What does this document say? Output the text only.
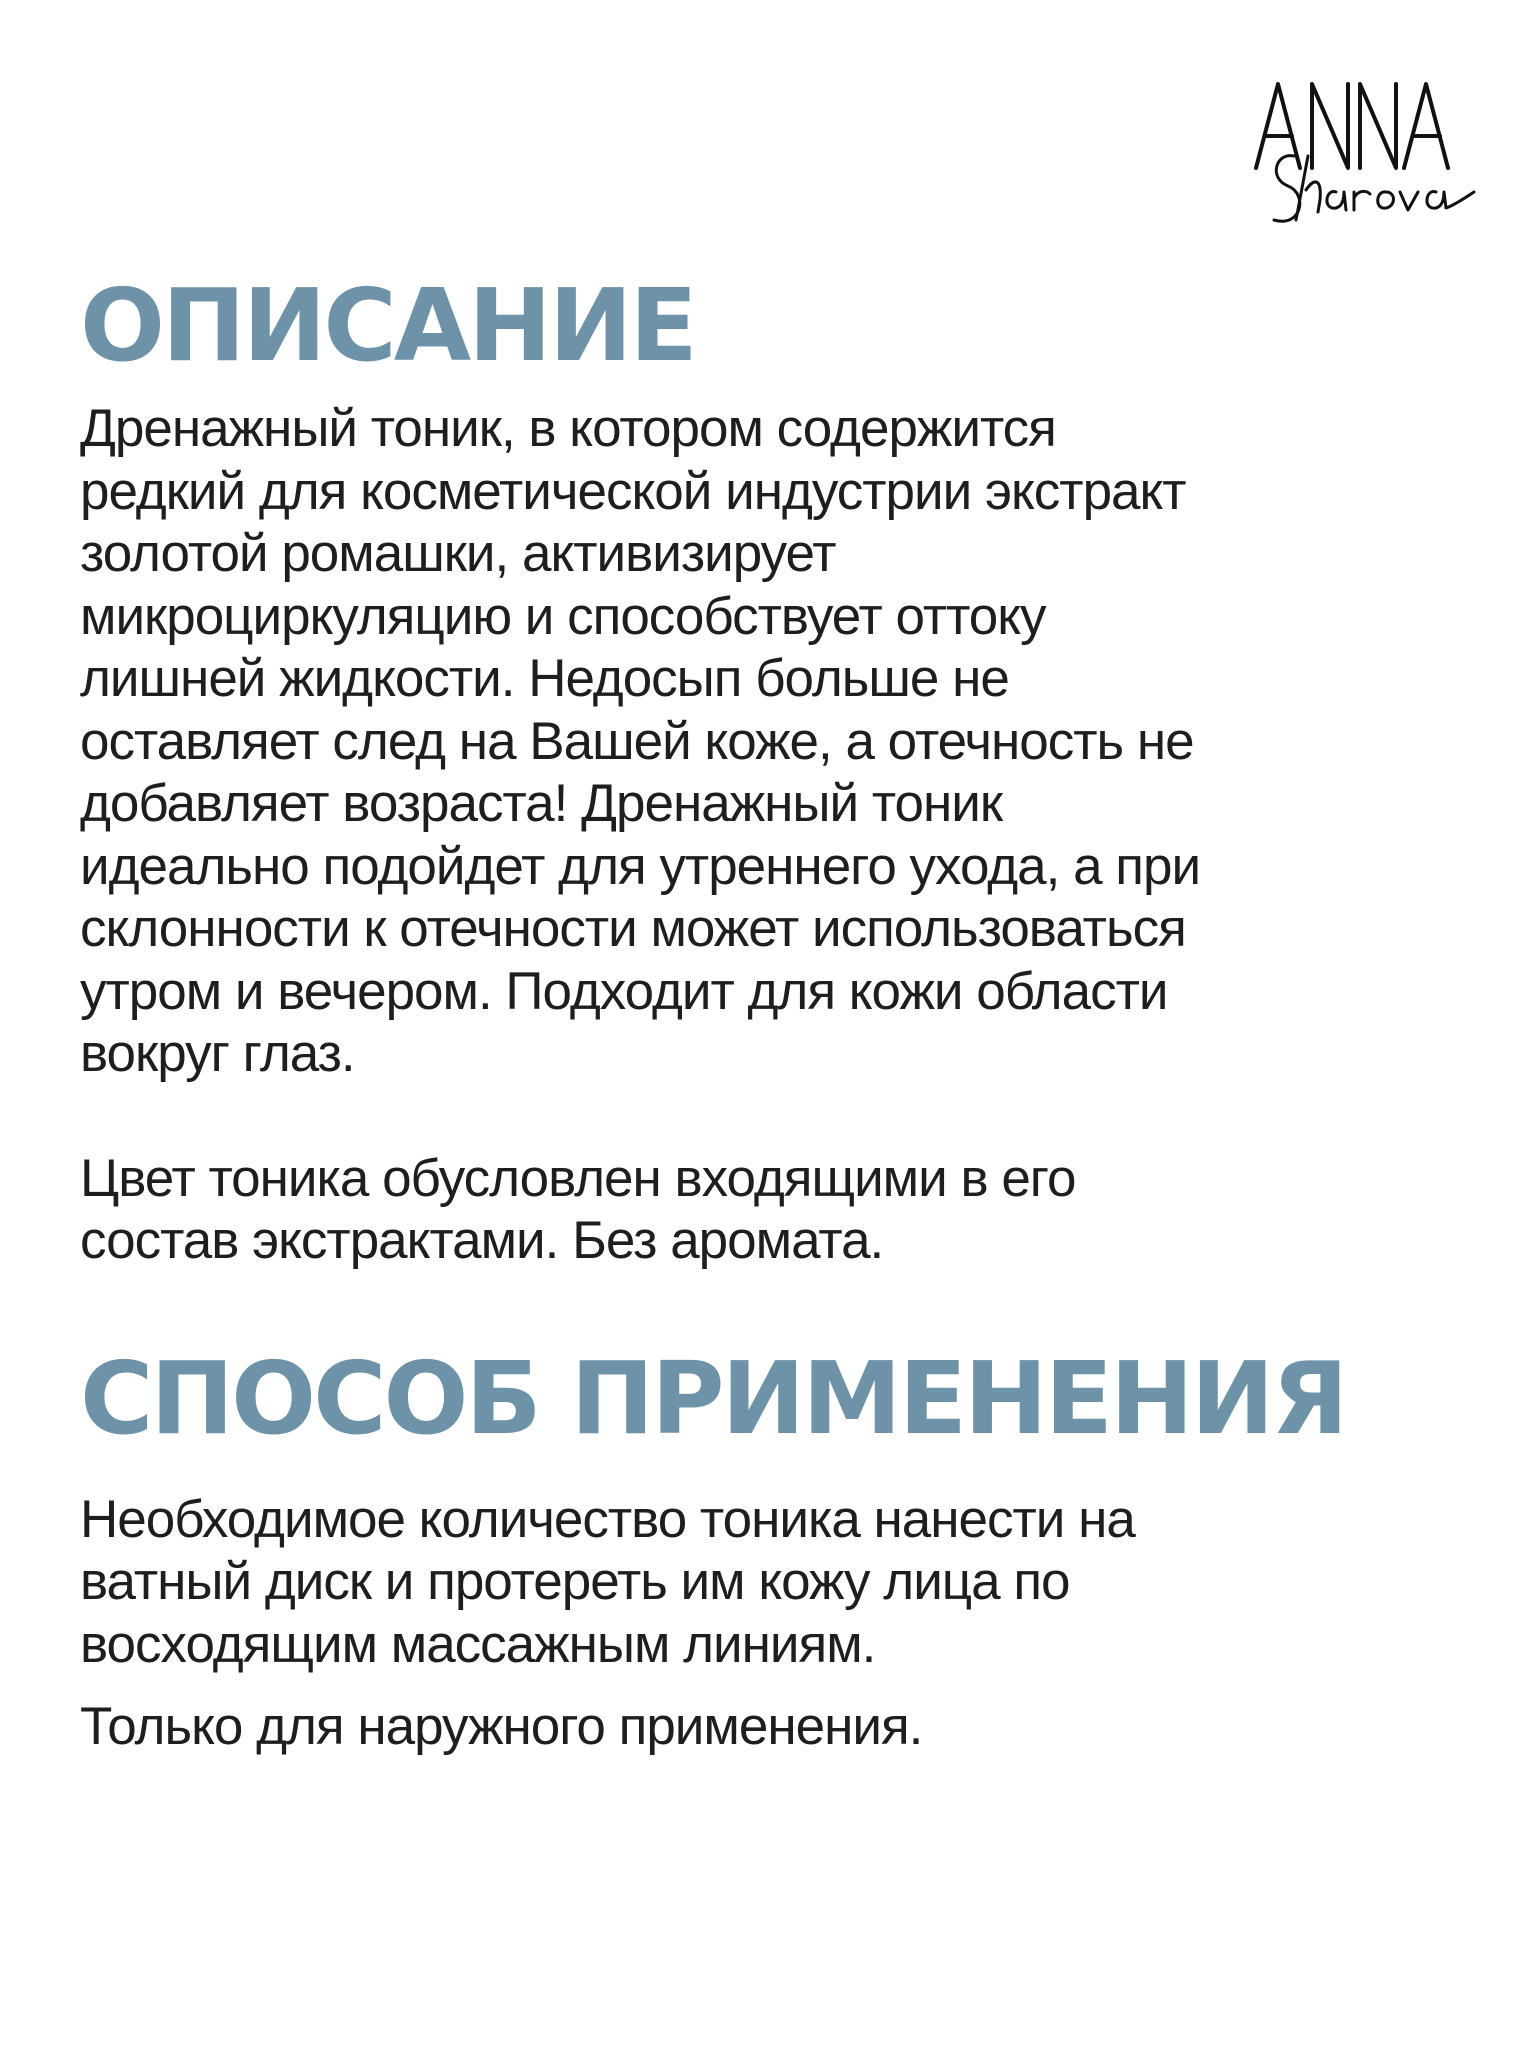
ОПИСАНИЕ

Дренажный тоник, в котором содержится
редкий для косметической индустрии экстракт
золотой ромашки, активизирует
микроциркуляцию и способствует оттоку
лишней жидкости. Недосып больше не
оставляет след на Вашей коже, а отечность не
добавляет возраста! Дренажный тоник
идеально подойдет для утреннего ухода, а при
склонности к отечности может использоваться
утром и вечером. Подходит для кожи области
вокруг глаз.

Цвет тоника обусловлен входящими в его
состав экстрактами. Без аромата.

СПОСОБ ПРИМЕНЕНИЯ

Необходимое количество тоника нанести на
ватный диск и протереть им кожу лица по
восходящим массажным линиям.

Только для наружного применения.
